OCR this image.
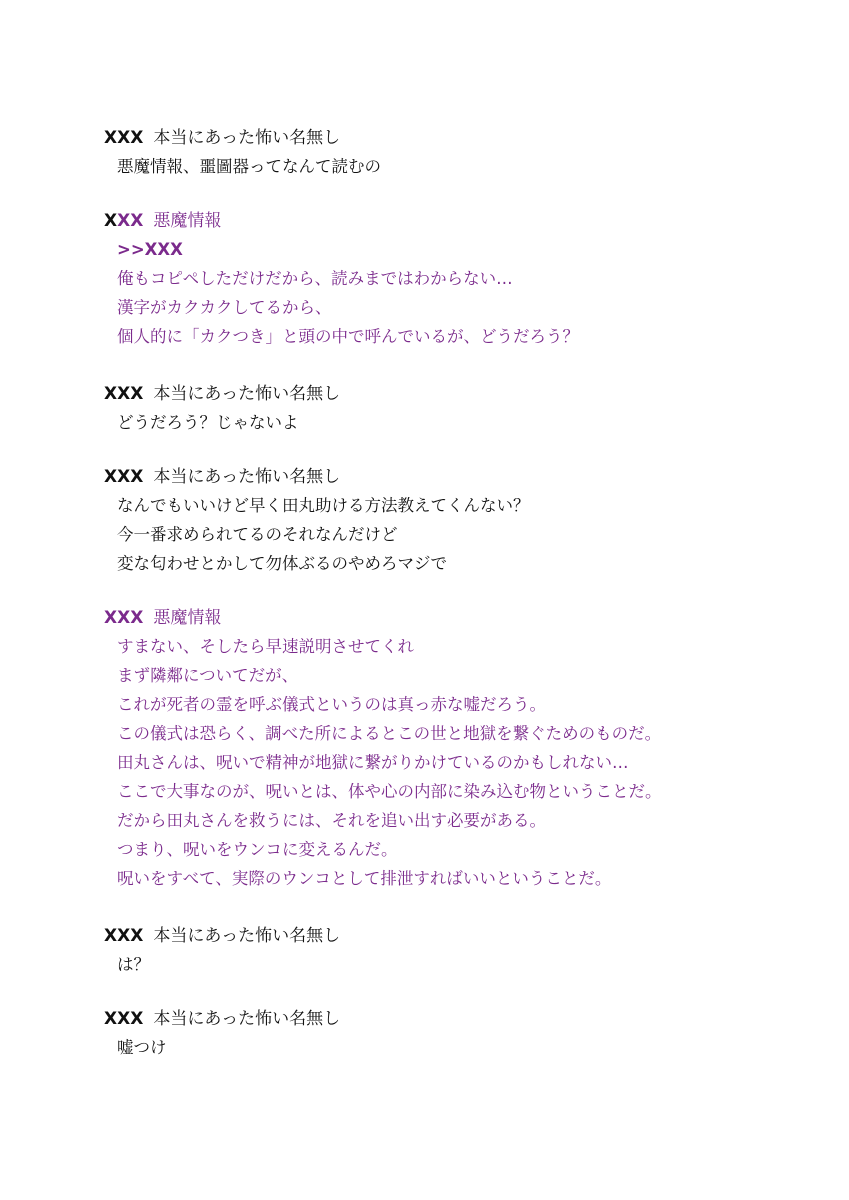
XXX 本当にあった怖い名無し
悪魔情報、噩圖器ってなんて読むの
XXX 悪魔情報
>>XXX
俺もコピペしただけだから、読みまではわからない…
漢字がカクカクしてるから、
個人的に「カクつき」と頭の中で呼んでいるが、どうだろう？
XXX 本当にあった怖い名無し
どうだろう？じゃないよ
XXX 本当にあった怖い名無し
なんでもいいけど早く田丸助ける方法教えてくんない？
今一番求められてるのそれなんだけど
変な匂わせとかして勿体ぶるのやめろマジで
XXX 悪魔情報
すまない、そしたら早速説明させてくれ
まず隣鄰についてだが、
これが死者の霊を呼ぶ儀式というのは真っ赤な嘘だろう。
この儀式は恐らく、調べた所によるとこの世と地獄を繋ぐためのものだ。
田丸さんは、呪いで精神が地獄に繋がりかけているのかもしれない…
ここで大事なのが、呪いとは、体や心の内部に染み込む物ということだ。
だから田丸さんを救うには、それを追い出す必要がある。
つまり、呪いをウンコに変えるんだ。
呪いをすべて、実際のウンコとして排泄すればいいということだ。
XXX 本当にあった怖い名無し
は？
XXX 本当にあった怖い名無し
嘘つけ
